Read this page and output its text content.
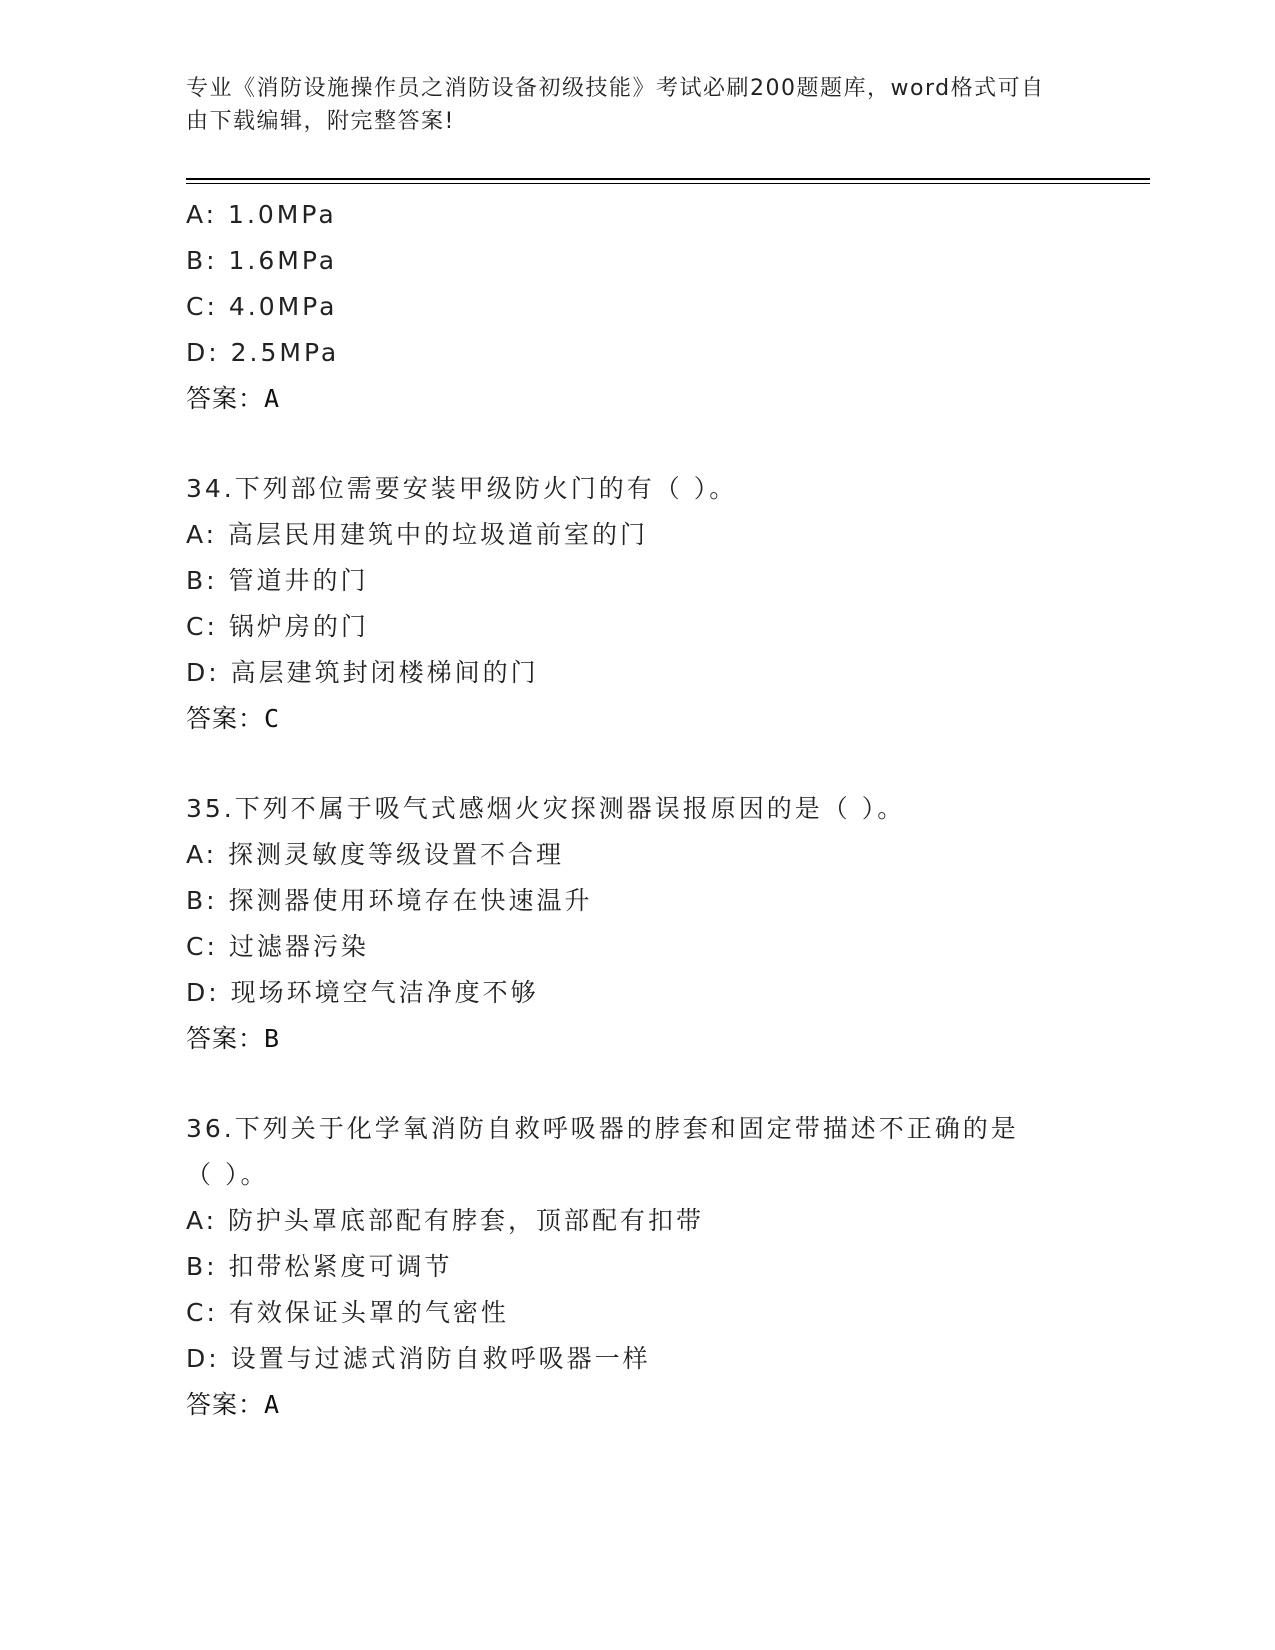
专业《消防设施操作员之消防设备初级技能》考试必刷200题题库，word格式可自由下载编辑，附完整答案!
A: 1.0MPa
B: 1.6MPa
C: 4.0MPa
D: 2.5MPa
答案：A
34.下列部位需要安装甲级防火门的有（ ）。
A: 高层民用建筑中的垃圾道前室的门
B: 管道井的门
C: 锅炉房的门
D: 高层建筑封闭楼梯间的门
答案：C
35.下列不属于吸气式感烟火灾探测器误报原因的是（ ）。
A: 探测灵敏度等级设置不合理
B: 探测器使用环境存在快速温升
C: 过滤器污染
D: 现场环境空气洁净度不够
答案：B
36.下列关于化学氧消防自救呼吸器的脖套和固定带描述不正确的是（ ）。
A: 防护头罩底部配有脖套，顶部配有扣带
B: 扣带松紧度可调节
C: 有效保证头罩的气密性
D: 设置与过滤式消防自救呼吸器一样
答案：A
